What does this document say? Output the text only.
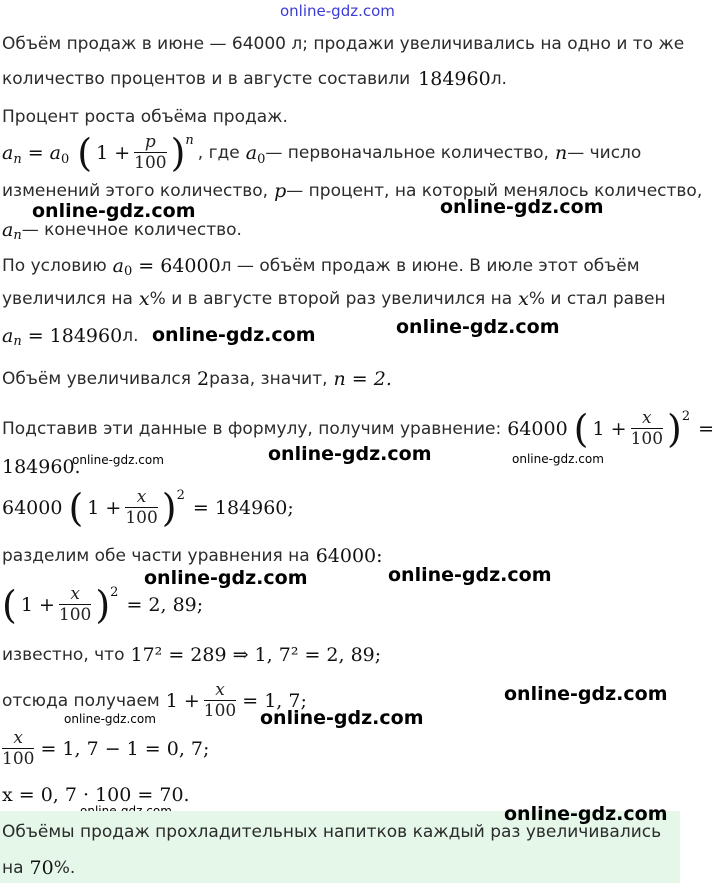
online-gdz.com
Объём продаж в июне — 64000 л; продажи увеличивались на одно и то же
количество процентов и в августе составили 184960 л.
Процент роста объёма продаж.
a n = a 0 ( $1 + \frac{p}{100}$ ) n
, где a 0 — первоначальное количество, n — число
изменений этого количество, p — процент, на который менялось количество,
online-gdz.com	online-gdz.com
a n — конечное количество.
По условию a 0 = 64000 л — объём продаж в июне. В июле этот объём
увеличился на x % и в августе второй раз увеличился на x % и стал равен
a n = 184960 л. online-gdz.com	online-gdz.com
Объём увеличивался 2 раза, значит, n = 2.
Подставив эти данные в формулу, получим уравнение: 64000 ( $1 + \frac{x}{100}$ ) 2
=
184960.
online-gdz.com	online-gdz.com	online-gdz.com
64000 ( $1 + \frac{x}{100}$ ) 2
= 184960;
разделим обе части уравнения на 64000:
( $1 + \frac{x}{100}$ ) 2
= 2, 89;
online-gdz.com	online-gdz.com
известно, что 17² = 289 ⇒ 1, 7² = 2, 89;
отсюда получаем $1 + \frac{x}{100} = 1$, 7;	online-gdz.com
online-gdz.com	online-gdz.com
$\frac{x}{100} = 1$, 7 − 1 = 0, 7;
x = 0, 7 · 100 = 70.
online-gdz.com
Объёмы продаж прохладительных напитков каждый раз увеличивались
на 70 %.
